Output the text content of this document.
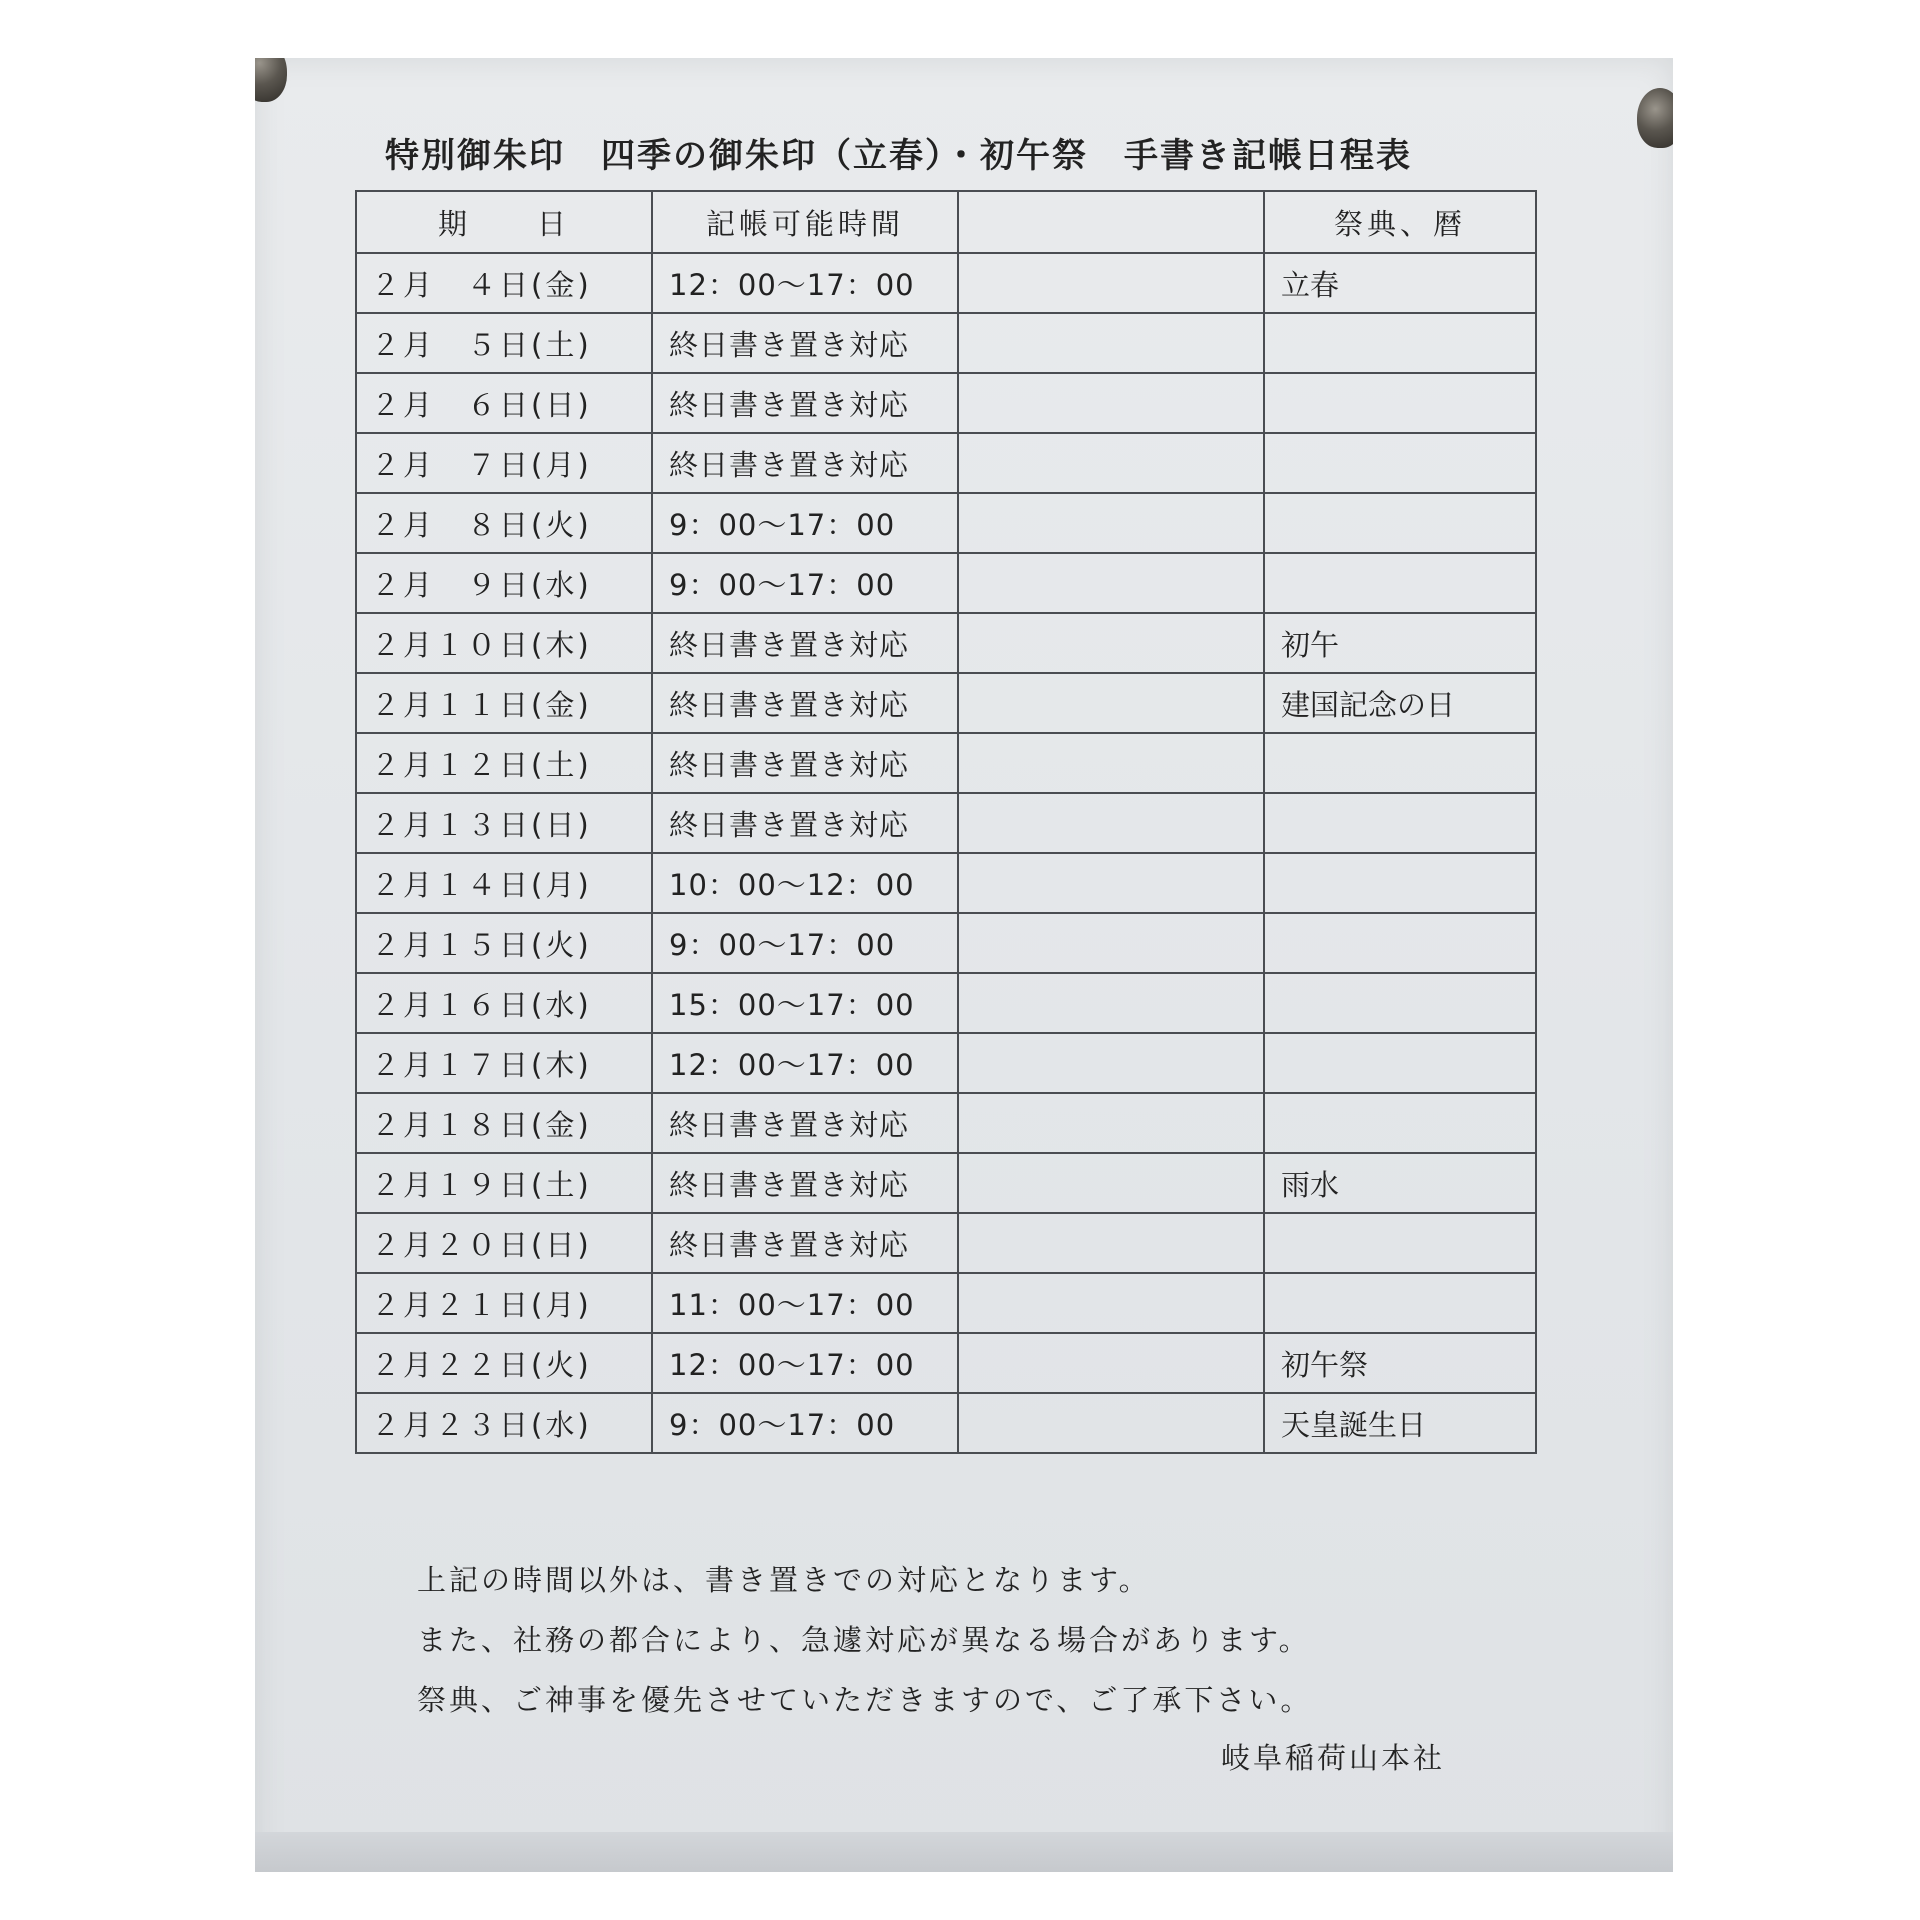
特別御朱印　四季の御朱印（立春）・初午祭　手書き記帳日程表
期　　日	記帳可能時間		祭典、暦
２月　４日(金)	12：00～17：00		立春
２月　５日(土)	終日書き置き対応		
２月　６日(日)	終日書き置き対応		
２月　７日(月)	終日書き置き対応		
２月　８日(火)	9：00～17：00		
２月　９日(水)	9：00～17：00		
２月１０日(木)	終日書き置き対応		初午
２月１１日(金)	終日書き置き対応		建国記念の日
２月１２日(土)	終日書き置き対応		
２月１３日(日)	終日書き置き対応		
２月１４日(月)	10：00～12：00		
２月１５日(火)	9：00～17：00		
２月１６日(水)	15：00～17：00		
２月１７日(木)	12：00～17：00		
２月１８日(金)	終日書き置き対応		
２月１９日(土)	終日書き置き対応		雨水
２月２０日(日)	終日書き置き対応		
２月２１日(月)	11：00～17：00		
２月２２日(火)	12：00～17：00		初午祭
２月２３日(水)	9：00～17：00		天皇誕生日

上記の時間以外は、書き置きでの対応となります。

また、社務の都合により、急遽対応が異なる場合があります。

祭典、ご神事を優先させていただきますので、ご了承下さい。

岐阜稲荷山本社
